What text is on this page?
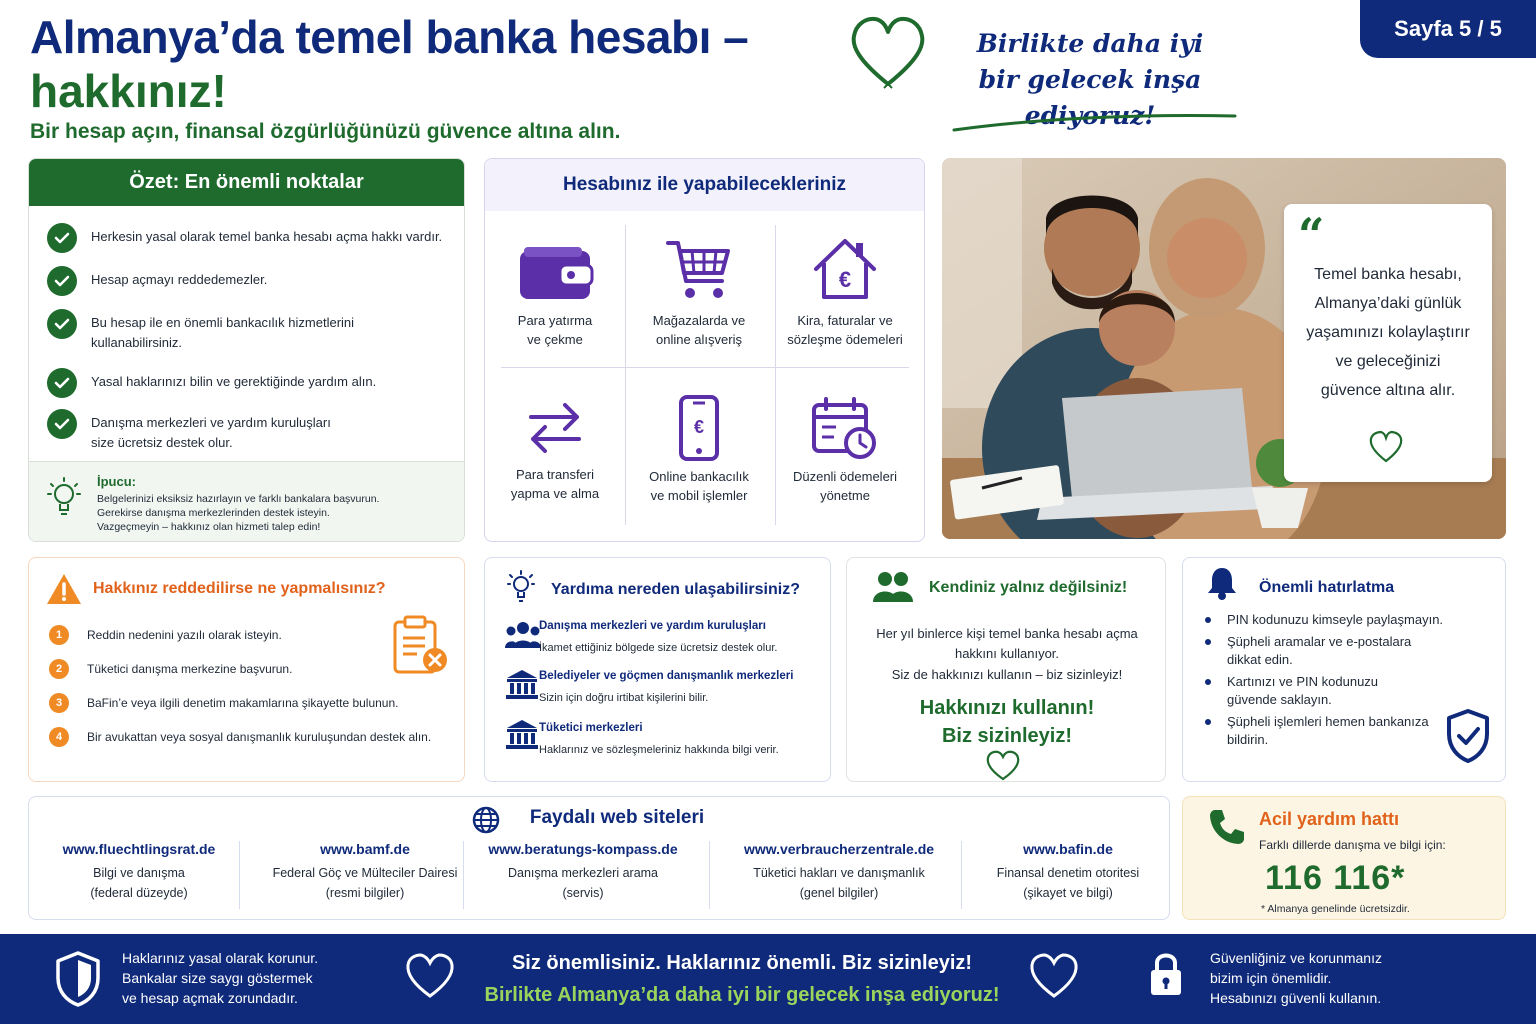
Almanya’da temel banka hesabı –
hakkınız!
Bir hesap açın, finansal özgürlüğünüzü güvence altına alın.
Birlikte daha iyi
bir gelecek inşa ediyoruz!
Sayfa 5 / 5
Özet: En önemli noktalar
Herkesin yasal olarak temel banka hesabı açma hakkı vardır.
Hesap açmayı reddedemezler.
Bu hesap ile en önemli bankacılık hizmetlerini
kullanabilirsiniz.
Yasal haklarınızı bilin ve gerektiğinde yardım alın.
Danışma merkezleri ve yardım kuruluşları
size ücretsiz destek olur.
İpucu:
Belgelerinizi eksiksiz hazırlayın ve farklı bankalara başvurun.
Gerekirse danışma merkezlerinden destek isteyin.
Vazgeçmeyin – hakkınız olan hizmeti talep edin!
Hesabınız ile yapabilecekleriniz
Para yatırma
ve çekme
Mağazalarda ve
online alışveriş
€
Kira, faturalar ve
sözleşme ödemeleri
Para transferi
yapma ve alma
€
Online bankacılık
ve mobil işlemler
Düzenli ödemeleri
yönetme
“
Temel banka hesabı,
Almanya’daki günlük
yaşamınızı kolaylaştırır
ve geleceğinizi
güvence altına alır.
Hakkınız reddedilirse ne yapmalısınız?
1	Reddin nedenini yazılı olarak isteyin.
2	Tüketici danışma merkezine başvurun.
3	BaFin’e veya ilgili denetim makamlarına şikayette bulunun.
4	Bir avukattan veya sosyal danışmanlık kuruluşundan destek alın.
Yardıma nereden ulaşabilirsiniz?
Danışma merkezleri ve yardım kuruluşları
İkamet ettiğiniz bölgede size ücretsiz destek olur.
Belediyeler ve göçmen danışmanlık merkezleri
Sizin için doğru irtibat kişilerini bilir.
Tüketici merkezleri
Haklarınız ve sözleşmeleriniz hakkında bilgi verir.
Kendiniz yalnız değilsiniz!
Her yıl binlerce kişi temel banka hesabı açma
hakkını kullanıyor.
Siz de hakkınızı kullanın – biz sizinleyiz!
Hakkınızı kullanın!
Biz sizinleyiz!
Önemli hatırlatma
PIN kodunuzu kimseyle paylaşmayın.
Şüpheli aramalar ve e-postalara
dikkat edin.
Kartınızı ve PIN kodunuzu
güvende saklayın.
Şüpheli işlemleri hemen bankanıza
bildirin.
Faydalı web siteleri
www.fluechtlingsrat.de
Bilgi ve danışma
(federal düzeyde)
www.bamf.de
Federal Göç ve Mülteciler Dairesi
(resmi bilgiler)
www.beratungs-kompass.de
Danışma merkezleri arama
(servis)
www.verbraucherzentrale.de
Tüketici hakları ve danışmanlık
(genel bilgiler)
www.bafin.de
Finansal denetim otoritesi
(şikayet ve bilgi)
Acil yardım hattı
Farklı dillerde danışma ve bilgi için:
116 116*
* Almanya genelinde ücretsizdir.
Haklarınız yasal olarak korunur.
Bankalar size saygı göstermek
ve hesap açmak zorundadır.
Siz önemlisiniz. Haklarınız önemli. Biz sizinleyiz!
Birlikte Almanya’da daha iyi bir gelecek inşa ediyoruz!
Güvenliğiniz ve korunmanız
bizim için önemlidir.
Hesabınızı güvenli kullanın.
